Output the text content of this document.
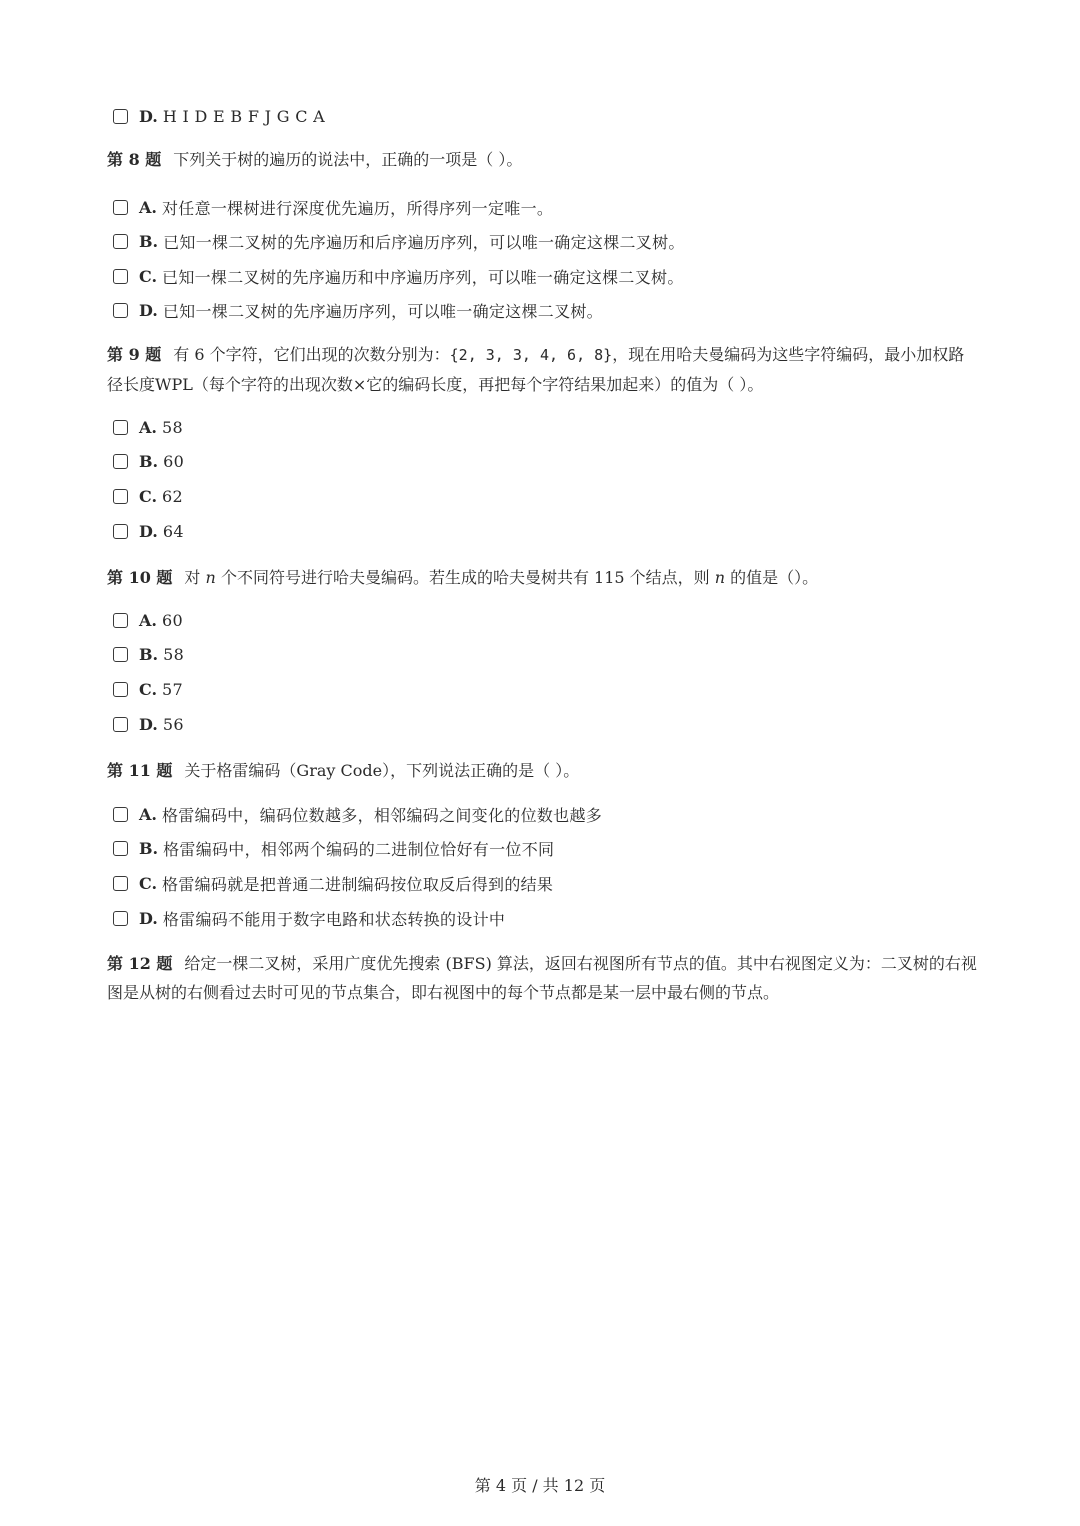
D. H I D E B F J G C A
第 8 题 下列关于树的遍历的说法中，正确的一项是（ ）。
A. 对任意一棵树进行深度优先遍历，所得序列一定唯一。
B. 已知一棵二叉树的先序遍历和后序遍历序列，可以唯一确定这棵二叉树。
C. 已知一棵二叉树的先序遍历和中序遍历序列，可以唯一确定这棵二叉树。
D. 已知一棵二叉树的先序遍历序列，可以唯一确定这棵二叉树。
第 9 题 有 6 个字符，它们出现的次数分别为：{2, 3, 3, 4, 6, 8}，现在用哈夫曼编码为这些字符编码，最小加权路径长度WPL（每个字符的出现次数×它的编码长度，再把每个字符结果加起来）的值为（ ）。
A. 58
B. 60
C. 62
D. 64
第 10 题 对 n 个不同符号进行哈夫曼编码。若生成的哈夫曼树共有 115 个结点，则 n 的值是（）。
A. 60
B. 58
C. 57
D. 56
第 11 题 关于格雷编码（Gray Code），下列说法正确的是（ ）。
A. 格雷编码中，编码位数越多，相邻编码之间变化的位数也越多
B. 格雷编码中，相邻两个编码的二进制位恰好有一位不同
C. 格雷编码就是把普通二进制编码按位取反后得到的结果
D. 格雷编码不能用于数字电路和状态转换的设计中
第 12 题 给定一棵二叉树，采用广度优先搜索 (BFS) 算法，返回右视图所有节点的值。其中右视图定义为：二叉树的右视图是从树的右侧看过去时可见的节点集合，即右视图中的每个节点都是某一层中最右侧的节点。
第 4 页 / 共 12 页
